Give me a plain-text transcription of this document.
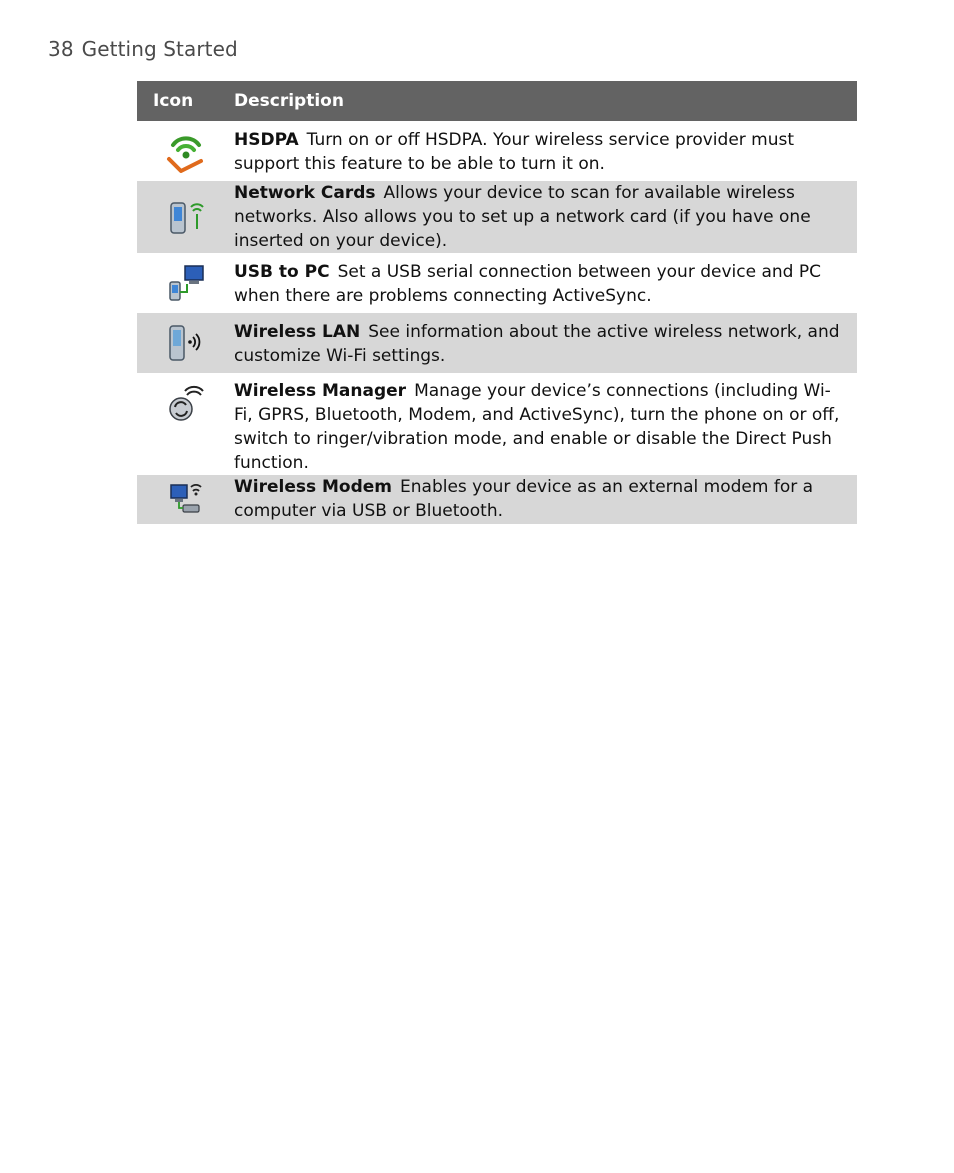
38 Getting Started
Icon	Description

	HSDPA Turn on or off HSDPA. Your wireless service provider must support this feature to be able to turn it on.

	Network Cards Allows your device to scan for available wireless networks. Also allows you to set up a network card (if you have one inserted on your device).

	USB to PC Set a USB serial connection between your device and PC when there are problems connecting ActiveSync.

	Wireless LAN See information about the active wireless network, and customize Wi-Fi settings.

	Wireless Manager Manage your device’s connections (including Wi-Fi, GPRS, Bluetooth, Modem, and ActiveSync), turn the phone on or off, switch to ringer/vibration mode, and enable or disable the Direct Push function.

	Wireless Modem Enables your device as an external modem for a computer via USB or Bluetooth.
